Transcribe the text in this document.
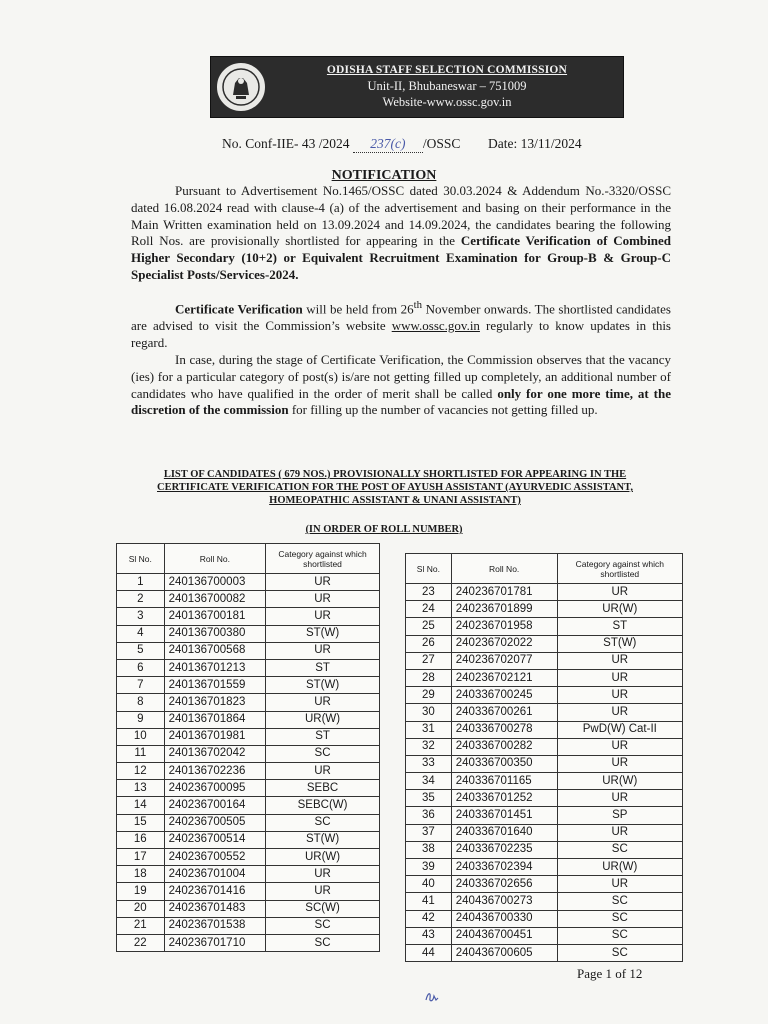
ODISHA STAFF SELECTION COMMISSION
Unit-II, Bhubaneswar – 751009
Website-www.ossc.gov.in
No. Conf-IIE- 43 /2024 237(c) /OSSC Date: 13/11/2024
NOTIFICATION
Pursuant to Advertisement No.1465/OSSC dated 30.03.2024 & Addendum No.-3320/OSSC dated 16.08.2024 read with clause-4 (a) of the advertisement and basing on their performance in the Main Written examination held on 13.09.2024 and 14.09.2024, the candidates bearing the following Roll Nos. are provisionally shortlisted for appearing in the Certificate Verification of Combined Higher Secondary (10+2) or Equivalent Recruitment Examination for Group-B & Group-C Specialist Posts/Services-2024.
Certificate Verification will be held from 26th November onwards. The shortlisted candidates are advised to visit the Commission’s website www.ossc.gov.in regularly to know updates in this regard.
In case, during the stage of Certificate Verification, the Commission observes that the vacancy (ies) for a particular category of post(s) is/are not getting filled up completely, an additional number of candidates who have qualified in the order of merit shall be called only for one more time, at the discretion of the commission for filling up the number of vacancies not getting filled up.
LIST OF CANDIDATES ( 679 NOS.) PROVISIONALLY SHORTLISTED FOR APPEARING IN THE CERTIFICATE VERIFICATION FOR THE POST OF AYUSH ASSISTANT (AYURVEDIC ASSISTANT, HOMEOPATHIC ASSISTANT & UNANI ASSISTANT)
(IN ORDER OF ROLL NUMBER)
Sl No.	Roll No.	Category against which shortlisted
1	240136700003	UR
2	240136700082	UR
3	240136700181	UR
4	240136700380	ST(W)
5	240136700568	UR
6	240136701213	ST
7	240136701559	ST(W)
8	240136701823	UR
9	240136701864	UR(W)
10	240136701981	ST
11	240136702042	SC
12	240136702236	UR
13	240236700095	SEBC
14	240236700164	SEBC(W)
15	240236700505	SC
16	240236700514	ST(W)
17	240236700552	UR(W)
18	240236701004	UR
19	240236701416	UR
20	240236701483	SC(W)
21	240236701538	SC
22	240236701710	SC
Sl No.	Roll No.	Category against which shortlisted
23	240236701781	UR
24	240236701899	UR(W)
25	240236701958	ST
26	240236702022	ST(W)
27	240236702077	UR
28	240236702121	UR
29	240336700245	UR
30	240336700261	UR
31	240336700278	PwD(W) Cat-II
32	240336700282	UR
33	240336700350	UR
34	240336701165	UR(W)
35	240336701252	UR
36	240336701451	SP
37	240336701640	UR
38	240336702235	SC
39	240336702394	UR(W)
40	240336702656	UR
41	240436700273	SC
42	240436700330	SC
43	240436700451	SC
44	240436700605	SC
Page 1 of 12
